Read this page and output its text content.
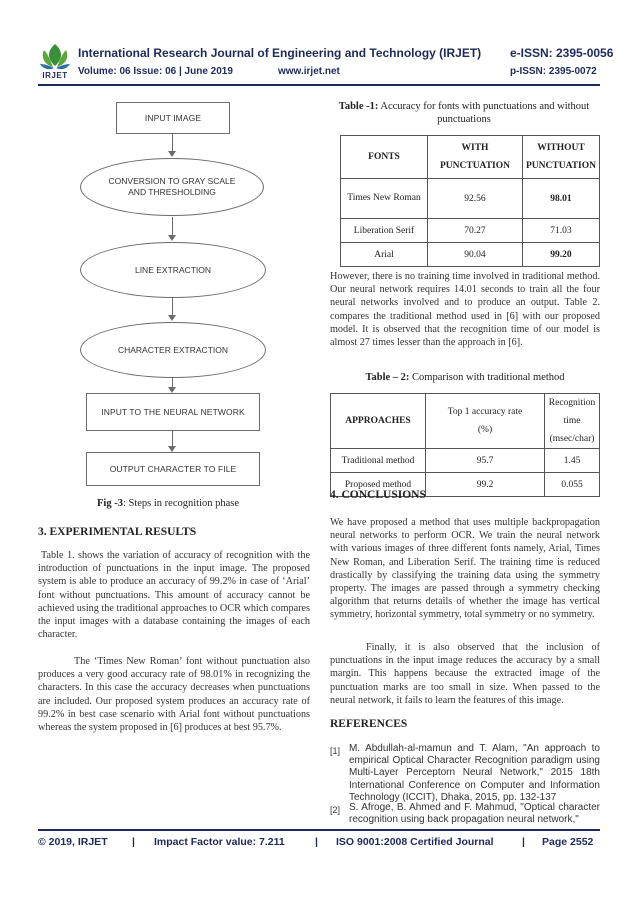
IRJET
International Research Journal of Engineering and Technology (IRJET) e-ISSN: 2395-0056
Volume: 06 Issue: 06 | June 2019	www.irjet.net	p-ISSN: 2395-0072
INPUT IMAGE
CONVERSION TO GRAY SCALE AND THRESHOLDING
LINE EXTRACTION
CHARACTER EXTRACTION
INPUT TO THE NEURAL NETWORK
OUTPUT CHARACTER TO FILE
Fig -3: Steps in recognition phase
3. EXPERIMENTAL RESULTS
Table 1. shows the variation of accuracy of recognition with the introduction of punctuations in the input image. The proposed system is able to produce an accuracy of 99.2% in case of ‘Arial’ font without punctuations. This amount of accuracy cannot be achieved using the traditional approaches to OCR which compares the input images with a database containing the images of each character.
The ‘Times New Roman’ font without punctuation also produces a very good accuracy rate of 98.01% in recognizing the characters. In this case the accuracy decreases when punctuations are included. Our proposed system produces an accuracy rate of 99.2% in best case scenario with Arial font without punctuations whereas the system proposed in [6] produces at best 95.7%.
Table -1: Accuracy for fonts with punctuations and without punctuations
FONTS	WITH PUNCTUATION	WITHOUT PUNCTUATION
Times New Roman	92.56	98.01
Liberation Serif	70.27	71.03
Arial	90.04	99.20
However, there is no training time involved in traditional method. Our neural network requires 14.01 seconds to train all the four neural networks involved and to produce an output. Table 2. compares the traditional method used in [6] with our proposed model. It is observed that the recognition time of our model is almost 27 times lesser than the approach in [6].
Table – 2: Comparison with traditional method
APPROACHES	Top 1 accuracy rate (%)	Recognition time (msec/char)
Traditional method	95.7	1.45
Proposed method	99.2	0.055
4. CONCLUSIONS
We have proposed a method that uses multiple backpropagation neural networks to perform OCR. We train the neural network with various images of three different fonts namely, Arial, Times New Roman, and Liberation Serif. The training time is reduced drastically by classifying the training data using the symmetry property. The images are passed through a symmetry checking algorithm that returns details of whether the image has vertical symmetry, horizontal symmetry, total symmetry or no symmetry.
Finally, it is also observed that the inclusion of punctuations in the input image reduces the accuracy by a small margin. This happens because the extracted image of the punctuation marks are too small in size. When passed to the neural network, it fails to learn the features of this image.
REFERENCES
[1] M. Abdullah-al-mamun and T. Alam, "An approach to empirical Optical Character Recognition paradigm using Multi-Layer Perceptorn Neural Network," 2015 18th International Conference on Computer and Information Technology (ICCIT), Dhaka, 2015, pp. 132-137
[2] S. Afroge, B. Ahmed and F. Mahmud, "Optical character recognition using back propagation neural network,"
© 2019, IRJET | Impact Factor value: 7.211	| ISO 9001:2008 Certified Journal	| Page 2552
